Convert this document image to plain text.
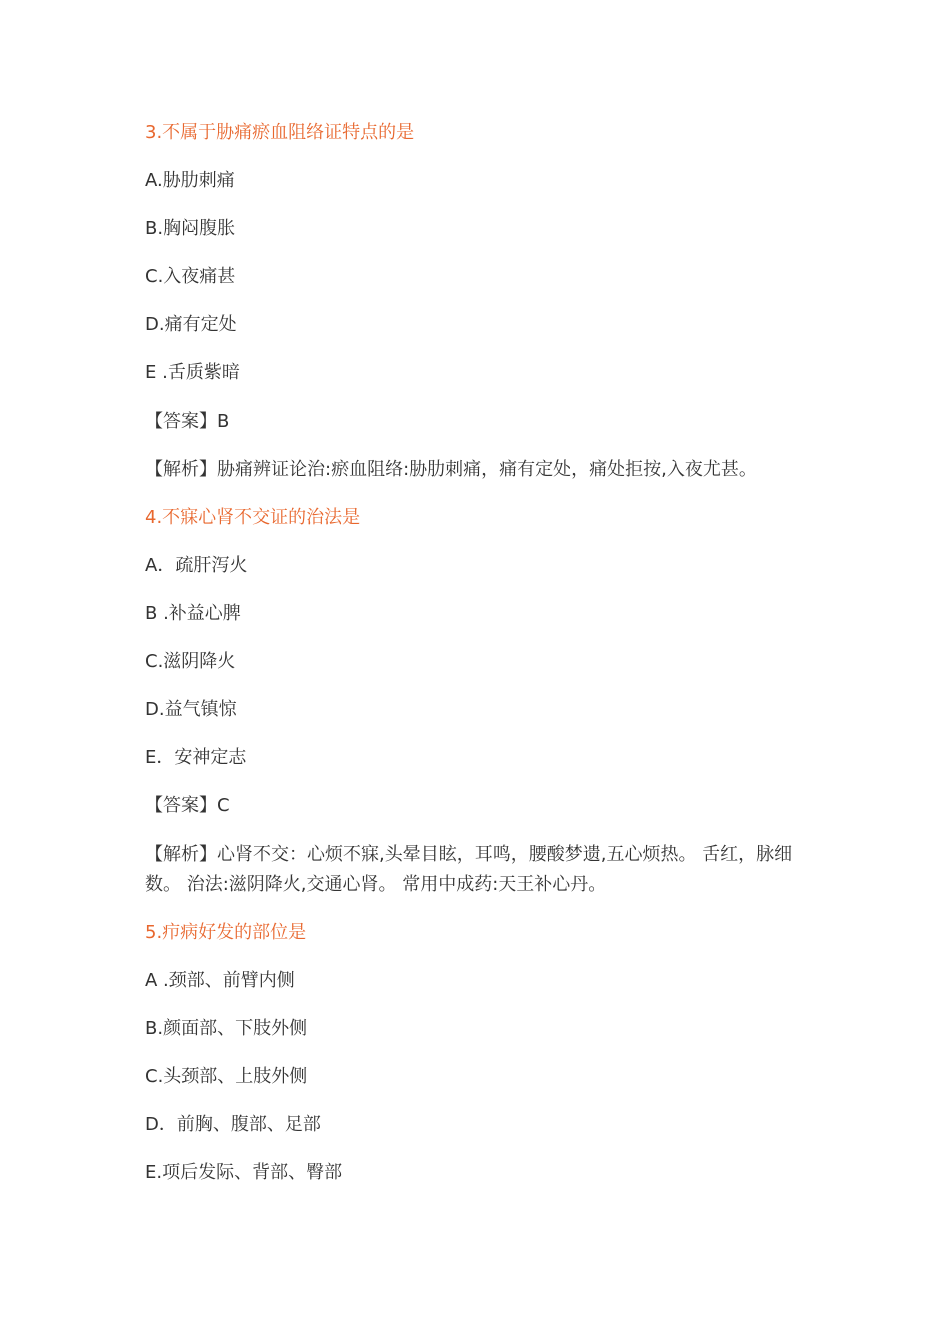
3.不属于胁痛瘀血阻络证特点的是
A.胁肋刺痛
B.胸闷腹胀
C.入夜痛甚
D.痛有定处
E .舌质紫暗
【答案】B
【解析】胁痛辨证论治:瘀血阻络:胁肋刺痛，痛有定处，痛处拒按,入夜尤甚。
4.不寐心肾不交证的治法是
A．疏肝泻火
B .补益心脾
C.滋阴降火
D.益气镇惊
E．安神定志
【答案】C
【解析】心肾不交：心烦不寐,头晕目眩，耳鸣，腰酸梦遗,五心烦热。 舌红，脉细数。 治法:滋阴降火,交通心肾。 常用中成药:天王补心丹。
5.疖病好发的部位是
A .颈部、前臂内侧
B.颜面部、下肢外侧
C.头颈部、上肢外侧
D．前胸、腹部、足部
E.项后发际、背部、臀部
